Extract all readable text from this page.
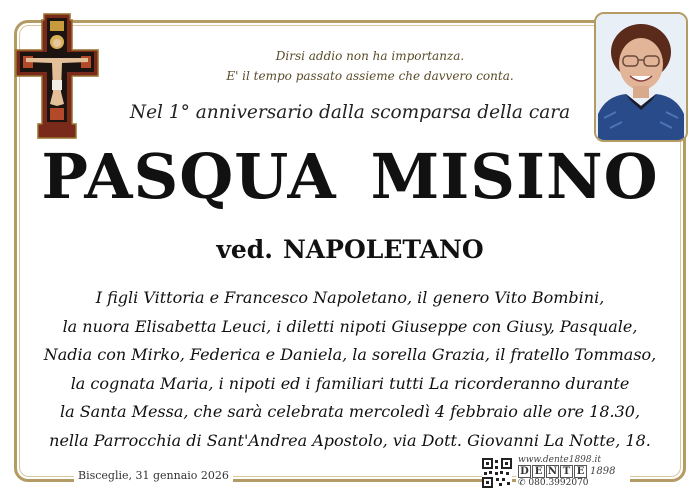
Dirsi addio non ha importanza.
E' il tempo passato assieme che davvero conta.
Nel 1° anniversario dalla scomparsa della cara
PASQUA MISINO
ved. NAPOLETANO
I figli Vittoria e Francesco Napoletano, il genero Vito Bombini,
la nuora Elisabetta Leuci, i diletti nipoti Giuseppe con Giusy, Pasquale,
Nadia con Mirko, Federica e Daniela, la sorella Grazia, il fratello Tommaso,
la cognata Maria, i nipoti ed i familiari tutti La ricorderanno durante
la Santa Messa, che sarà celebrata mercoledì 4 febbraio alle ore 18.30,
nella Parrocchia di Sant'Andrea Apostolo, via Dott. Giovanni La Notte, 18.
Bisceglie, 31 gennaio 2026
www.dente1898.it
D E N T E 1898
✆ 080.3992070
